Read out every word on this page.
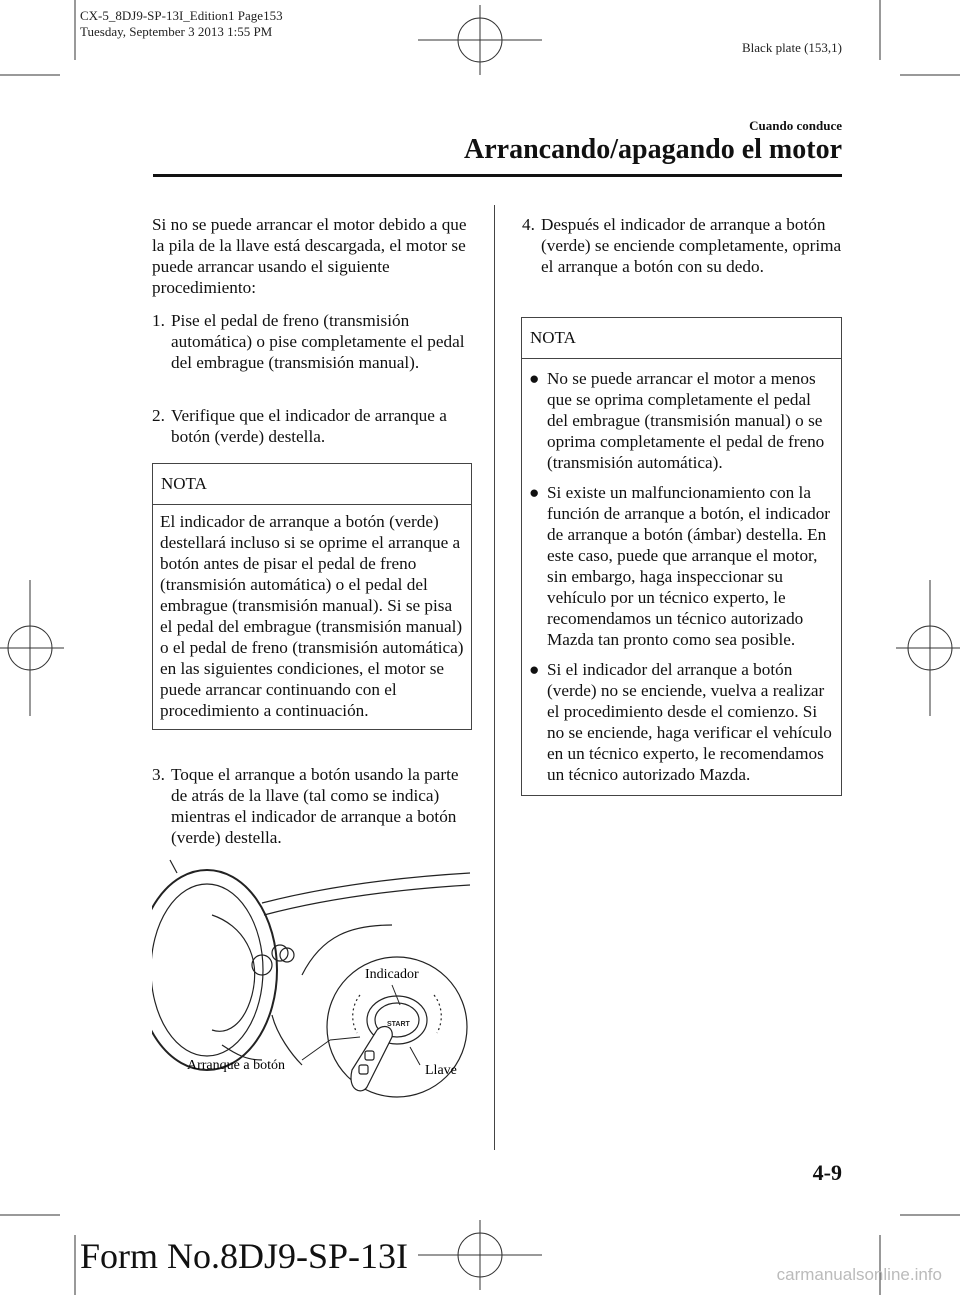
CX-5_8DJ9-SP-13I_Edition1 Page153
Tuesday, September 3 2013 1:55 PM
Black plate (153,1)
Cuando conduce
Arrancando/apagando el motor
Si no se puede arrancar el motor debido a que la pila de la llave está descargada, el motor se puede arrancar usando el siguiente procedimiento:
1. Pise el pedal de freno (transmisión automática) o pise completamente el pedal del embrague (transmisión manual).
2. Verifique que el indicador de arranque a botón (verde) destella.
NOTA
El indicador de arranque a botón (verde) destellará incluso si se oprime el arranque a botón antes de pisar el pedal de freno (transmisión automática) o el pedal del embrague (transmisión manual). Si se pisa el pedal del embrague (transmisión manual) o el pedal de freno (transmisión automática) en las siguientes condiciones, el motor se puede arrancar continuando con el procedimiento a continuación.
3. Toque el arranque a botón usando la parte de atrás de la llave (tal como se indica) mientras el indicador de arranque a botón (verde) destella.
START
Indicador
Arranque a botón	Llave
4. Después el indicador de arranque a botón (verde) se enciende completamente, oprima el arranque a botón con su dedo.
NOTA
● No se puede arrancar el motor a menos que se oprima completamente el pedal del embrague (transmisión manual) o se oprima completamente el pedal de freno (transmisión automática).
● Si existe un malfuncionamiento con la función de arranque a botón, el indicador de arranque a botón (ámbar) destella. En este caso, puede que arranque el motor, sin embargo, haga inspeccionar su vehículo por un técnico experto, le recomendamos un técnico autorizado Mazda tan pronto como sea posible.
● Si el indicador del arranque a botón (verde) no se enciende, vuelva a realizar el procedimiento desde el comienzo. Si no se enciende, haga verificar el vehículo en un técnico experto, le recomendamos un técnico autorizado Mazda.
4-9
Form No.8DJ9-SP-13I	carmanualsonline.info
